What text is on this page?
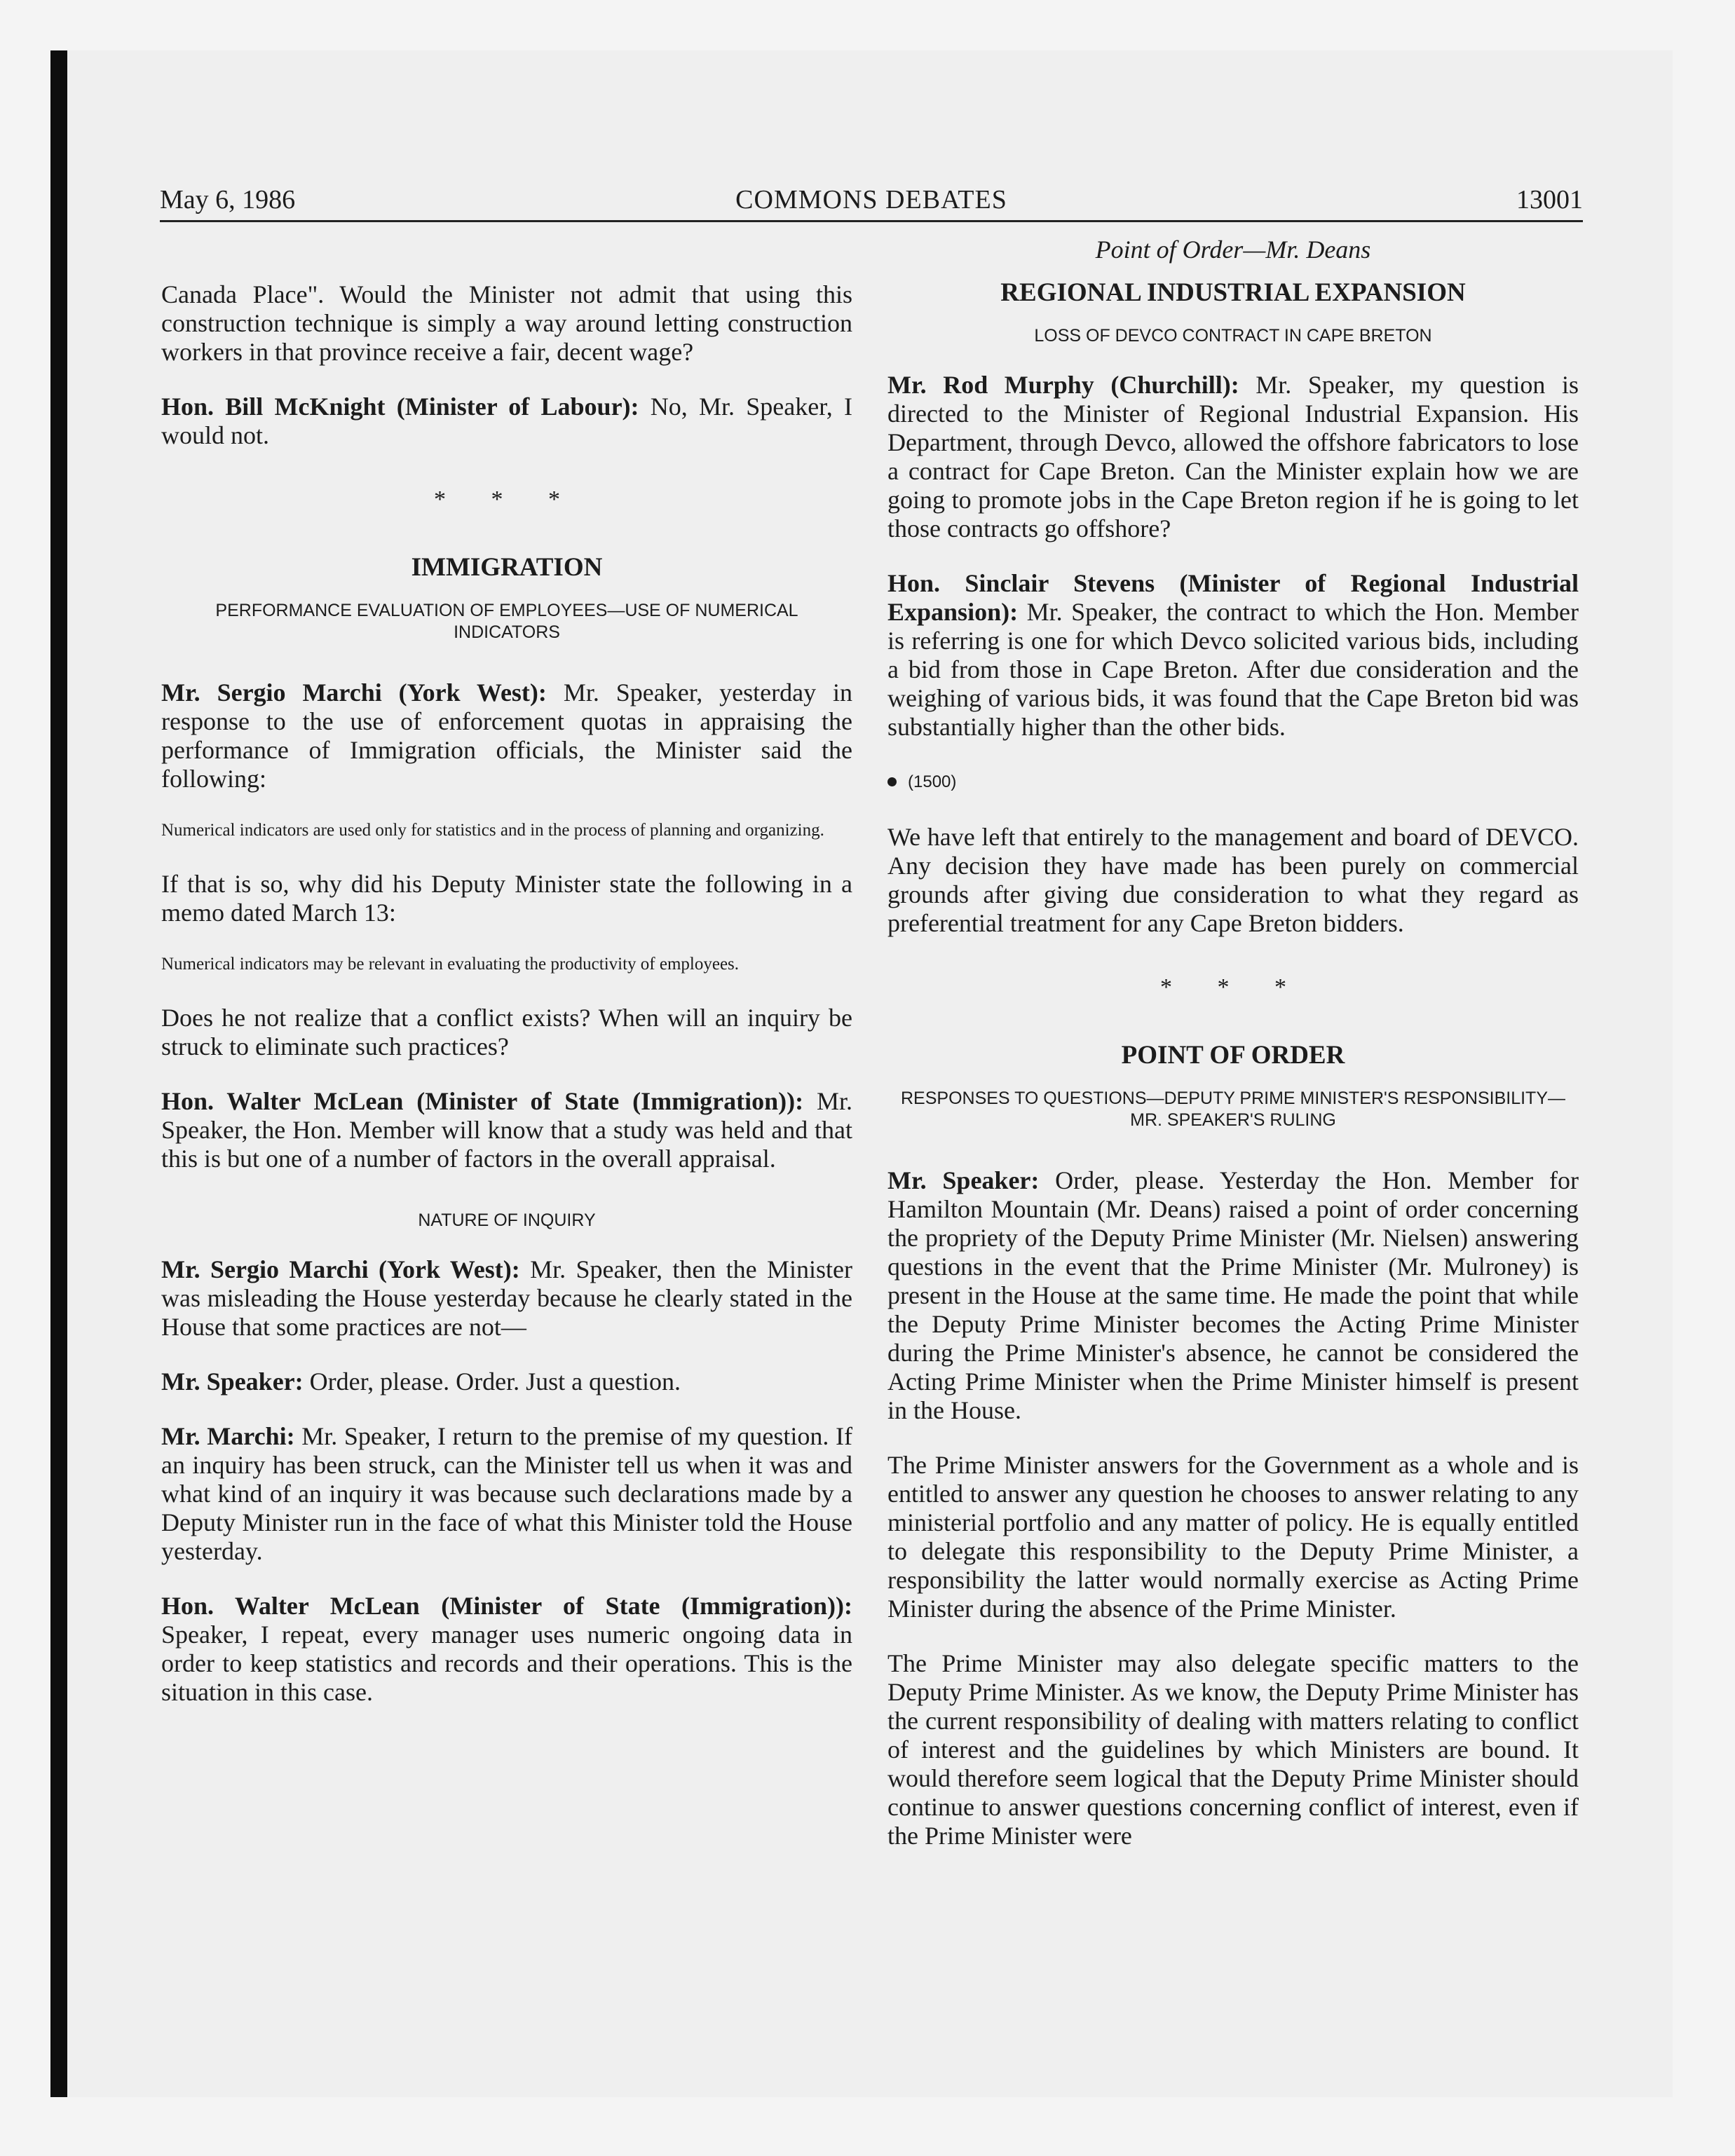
May 6, 1986	COMMONS DEBATES	13001

Canada Place". Would the Minister not admit that using this construction technique is simply a way around letting construction workers in that province receive a fair, decent wage?

Hon. Bill McKnight (Minister of Labour): No, Mr. Speaker, I would not.

* * *
IMMIGRATION
PERFORMANCE EVALUATION OF EMPLOYEES—USE OF NUMERICAL INDICATORS

Mr. Sergio Marchi (York West): Mr. Speaker, yesterday in response to the use of enforcement quotas in appraising the performance of Immigration officials, the Minister said the following:

Numerical indicators are used only for statistics and in the process of planning and organizing.

If that is so, why did his Deputy Minister state the following in a memo dated March 13:

Numerical indicators may be relevant in evaluating the productivity of employees.

Does he not realize that a conflict exists? When will an inquiry be struck to eliminate such practices?

Hon. Walter McLean (Minister of State (Immigration)): Mr. Speaker, the Hon. Member will know that a study was held and that this is but one of a number of factors in the overall appraisal.

NATURE OF INQUIRY

Mr. Sergio Marchi (York West): Mr. Speaker, then the Minister was misleading the House yesterday because he clearly stated in the House that some practices are not—

Mr. Speaker: Order, please. Order. Just a question.

Mr. Marchi: Mr. Speaker, I return to the premise of my question. If an inquiry has been struck, can the Minister tell us when it was and what kind of an inquiry it was because such declarations made by a Deputy Minister run in the face of what this Minister told the House yesterday.

Hon. Walter McLean (Minister of State (Immigration)): Speaker, I repeat, every manager uses numeric ongoing data in order to keep statistics and records and their operations. This is the situation in this case.

Point of Order—Mr. Deans
REGIONAL INDUSTRIAL EXPANSION
LOSS OF DEVCO CONTRACT IN CAPE BRETON

Mr. Rod Murphy (Churchill): Mr. Speaker, my question is directed to the Minister of Regional Industrial Expansion. His Department, through Devco, allowed the offshore fabricators to lose a contract for Cape Breton. Can the Minister explain how we are going to promote jobs in the Cape Breton region if he is going to let those contracts go offshore?

Hon. Sinclair Stevens (Minister of Regional Industrial Expansion): Mr. Speaker, the contract to which the Hon. Member is referring is one for which Devco solicited various bids, including a bid from those in Cape Breton. After due consideration and the weighing of various bids, it was found that the Cape Breton bid was substantially higher than the other bids.

(1500)

We have left that entirely to the management and board of DEVCO. Any decision they have made has been purely on commercial grounds after giving due consideration to what they regard as preferential treatment for any Cape Breton bidders.

* * *
POINT OF ORDER
RESPONSES TO QUESTIONS—DEPUTY PRIME MINISTER'S RESPONSIBILITY—MR. SPEAKER'S RULING

Mr. Speaker: Order, please. Yesterday the Hon. Member for Hamilton Mountain (Mr. Deans) raised a point of order concerning the propriety of the Deputy Prime Minister (Mr. Nielsen) answering questions in the event that the Prime Minister (Mr. Mulroney) is present in the House at the same time. He made the point that while the Deputy Prime Minister becomes the Acting Prime Minister during the Prime Minister's absence, he cannot be considered the Acting Prime Minister when the Prime Minister himself is present in the House.

The Prime Minister answers for the Government as a whole and is entitled to answer any question he chooses to answer relating to any ministerial portfolio and any matter of policy. He is equally entitled to delegate this responsibility to the Deputy Prime Minister, a responsibility the latter would normally exercise as Acting Prime Minister during the absence of the Prime Minister.

The Prime Minister may also delegate specific matters to the Deputy Prime Minister. As we know, the Deputy Prime Minister has the current responsibility of dealing with matters relating to conflict of interest and the guidelines by which Ministers are bound. It would therefore seem logical that the Deputy Prime Minister should continue to answer questions concerning conflict of interest, even if the Prime Minister were
